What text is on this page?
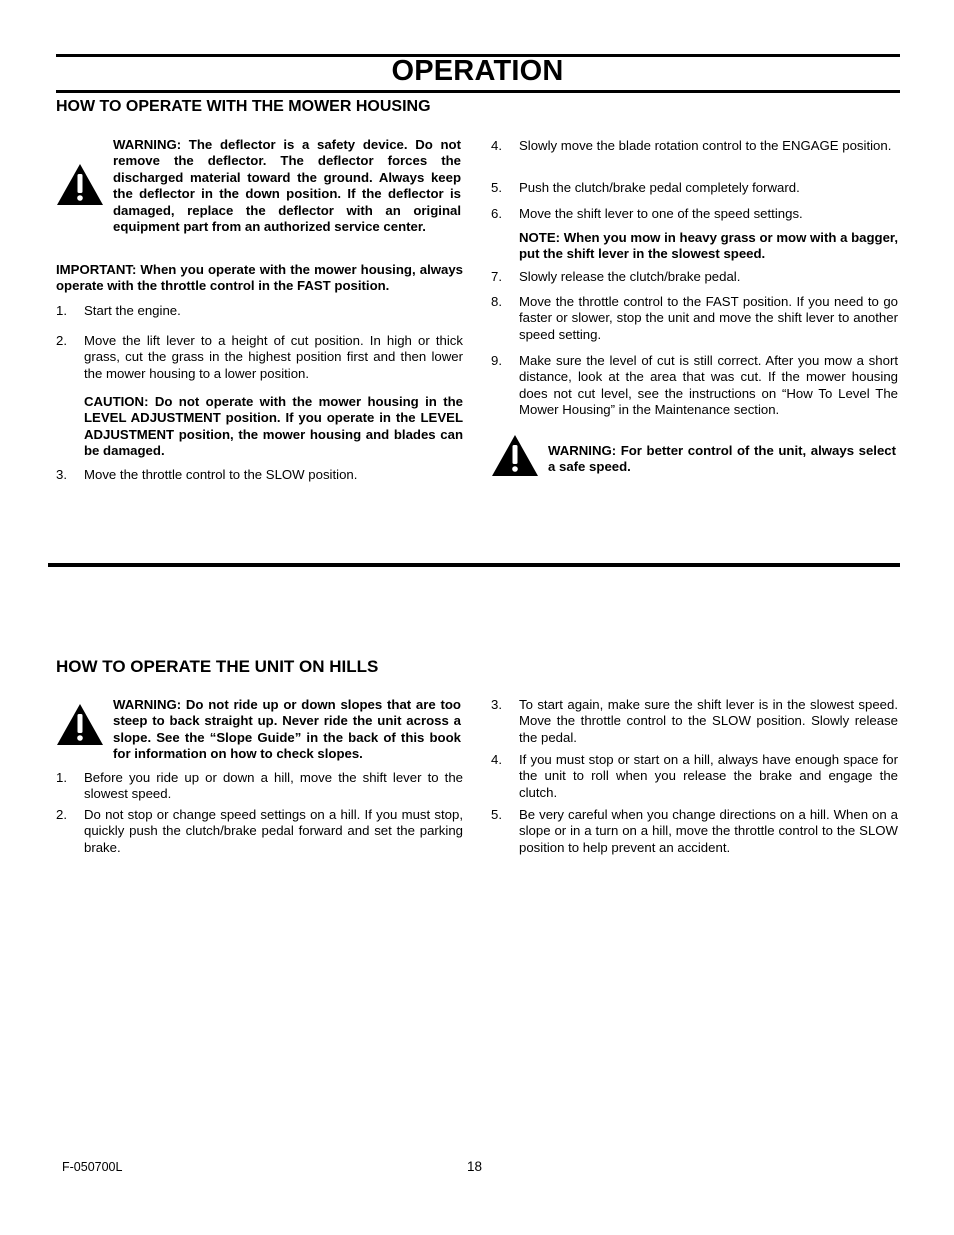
OPERATION
HOW TO OPERATE WITH THE MOWER HOUSING
WARNING: The deflector is a safety device. Do not remove the deflector. The deflector forces the discharged material toward the ground. Always keep the deflector in the down position. If the deflector is damaged, replace the deflector with an original equipment part from an authorized service center.
IMPORTANT: When you operate with the mower housing, always operate with the throttle control in the FAST position.
1. Start the engine.
2. Move the lift lever to a height of cut position. In high or thick grass, cut the grass in the highest position first and then lower the mower housing to a lower position.
CAUTION: Do not operate with the mower housing in the LEVEL ADJUSTMENT position. If you operate in the LEVEL ADJUSTMENT position, the mower housing and blades can be damaged.
3. Move the throttle control to the SLOW position.
4. Slowly move the blade rotation control to the ENGAGE position.
5. Push the clutch/brake pedal completely forward.
6. Move the shift lever to one of the speed settings.
NOTE: When you mow in heavy grass or mow with a bagger, put the shift lever in the slowest speed.
7. Slowly release the clutch/brake pedal.
8. Move the throttle control to the FAST position. If you need to go faster or slower, stop the unit and move the shift lever to another speed setting.
9. Make sure the level of cut is still correct. After you mow a short distance, look at the area that was cut. If the mower housing does not cut level, see the instructions on “How To Level The Mower Housing” in the Maintenance section.
WARNING: For better control of the unit, always select a safe speed.
HOW TO OPERATE THE UNIT ON HILLS
WARNING: Do not ride up or down slopes that are too steep to back straight up. Never ride the unit across a slope. See the “Slope Guide” in the back of this book for information on how to check slopes.
1. Before you ride up or down a hill, move the shift lever to the slowest speed.
2. Do not stop or change speed settings on a hill. If you must stop, quickly push the clutch/brake pedal forward and set the parking brake.
3. To start again, make sure the shift lever is in the slowest speed. Move the throttle control to the SLOW position. Slowly release the pedal.
4. If you must stop or start on a hill, always have enough space for the unit to roll when you release the brake and engage the clutch.
5. Be very careful when you change directions on a hill. When on a slope or in a turn on a hill, move the throttle control to the SLOW position to help prevent an accident.
F-050700L	18
